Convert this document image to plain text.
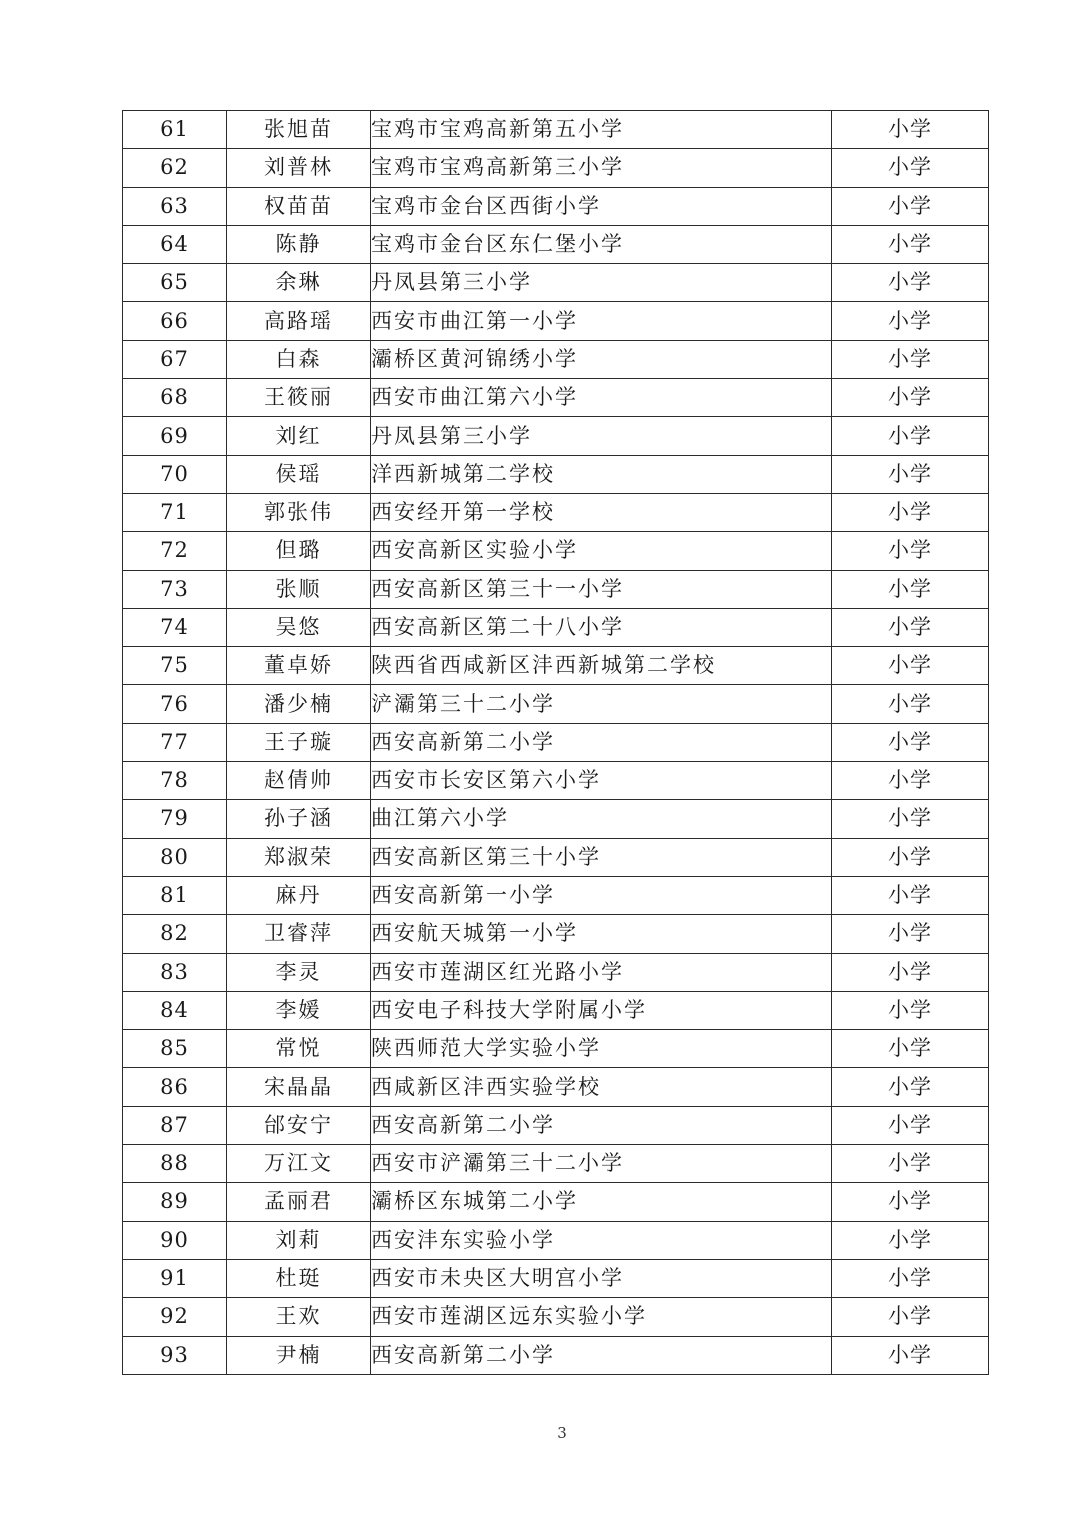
61	张旭苗	宝鸡市宝鸡高新第五小学	小学
62	刘普林	宝鸡市宝鸡高新第三小学	小学
63	权苗苗	宝鸡市金台区西街小学	小学
64	陈静	宝鸡市金台区东仁堡小学	小学
65	余琳	丹凤县第三小学	小学
66	高路瑶	西安市曲江第一小学	小学
67	白森	灞桥区黄河锦绣小学	小学
68	王筱丽	西安市曲江第六小学	小学
69	刘红	丹凤县第三小学	小学
70	侯瑶	洋西新城第二学校	小学
71	郭张伟	西安经开第一学校	小学
72	但璐	西安高新区实验小学	小学
73	张顺	西安高新区第三十一小学	小学
74	吴悠	西安高新区第二十八小学	小学
75	董卓娇	陕西省西咸新区沣西新城第二学校	小学
76	潘少楠	浐灞第三十二小学	小学
77	王子璇	西安高新第二小学	小学
78	赵倩帅	西安市长安区第六小学	小学
79	孙子涵	曲江第六小学	小学
80	郑淑荣	西安高新区第三十小学	小学
81	麻丹	西安高新第一小学	小学
82	卫睿萍	西安航天城第一小学	小学
83	李灵	西安市莲湖区红光路小学	小学
84	李媛	西安电子科技大学附属小学	小学
85	常悦	陕西师范大学实验小学	小学
86	宋晶晶	西咸新区沣西实验学校	小学
87	邰安宁	西安高新第二小学	小学
88	万江文	西安市浐灞第三十二小学	小学
89	孟丽君	灞桥区东城第二小学	小学
90	刘莉	西安沣东实验小学	小学
91	杜珽	西安市未央区大明宫小学	小学
92	王欢	西安市莲湖区远东实验小学	小学
93	尹楠	西安高新第二小学	小学
3
